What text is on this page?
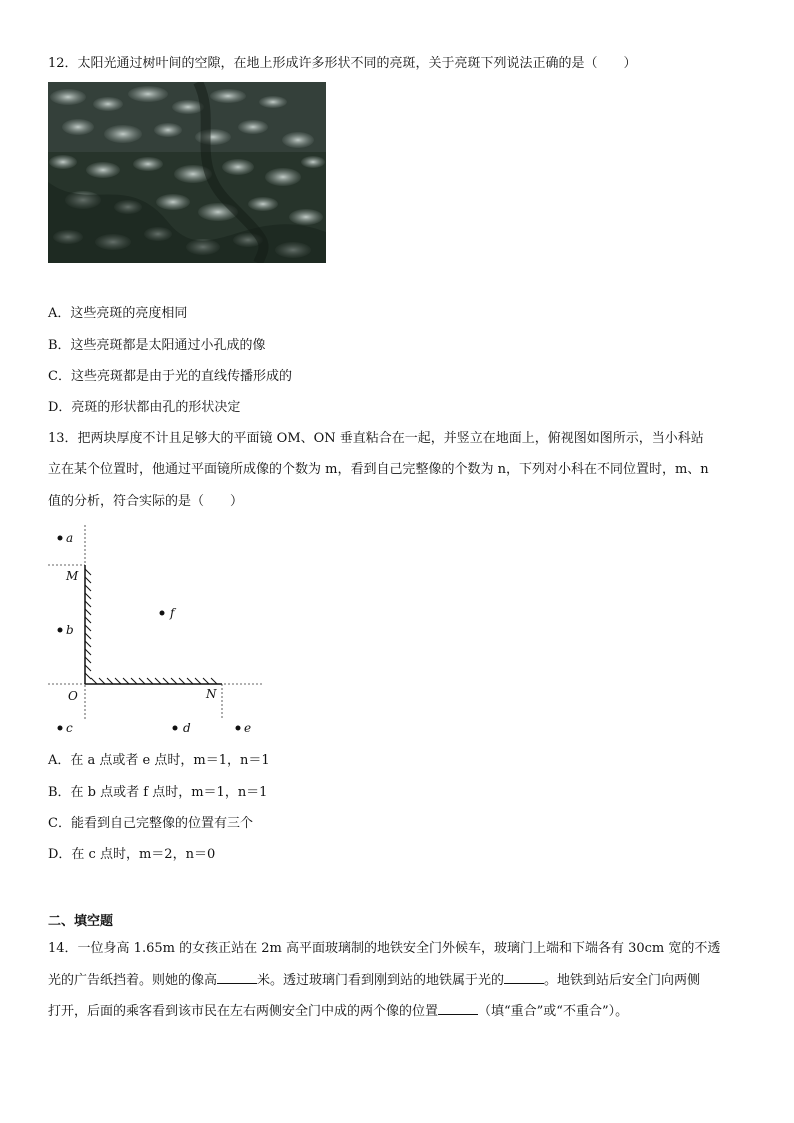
12．太阳光通过树叶间的空隙，在地上形成许多形状不同的亮斑，关于亮斑下列说法正确的是（　　）
A．这些亮斑的亮度相同
B．这些亮斑都是太阳通过小孔成的像
C．这些亮斑都是由于光的直线传播形成的
D．亮斑的形状都由孔的形状决定
13．把两块厚度不计且足够大的平面镜 OM、ON 垂直粘合在一起，并竖立在地面上，俯视图如图所示，当小科站
立在某个位置时，他通过平面镜所成像的个数为 m，看到自己完整像的个数为 n，下列对小科在不同位置时，m、n
值的分析，符合实际的是（　　）
a
M
b
f
O	N
c	d	e
A．在 a 点或者 e 点时，m＝1，n＝1
B．在 b 点或者 f 点时，m＝1，n＝1
C．能看到自己完整像的位置有三个
D．在 c 点时，m＝2，n＝0
二、填空题
14．一位身高 1.65m 的女孩正站在 2m 高平面玻璃制的地铁安全门外候车，玻璃门上端和下端各有 30cm 宽的不透
光的广告纸挡着。则她的像高	米。透过玻璃门看到刚到站的地铁属于光的	。地铁到站后安全门向两侧
打开，后面的乘客看到该市民在左右两侧安全门中成的两个像的位置	（填“重合”或“不重合”）。
